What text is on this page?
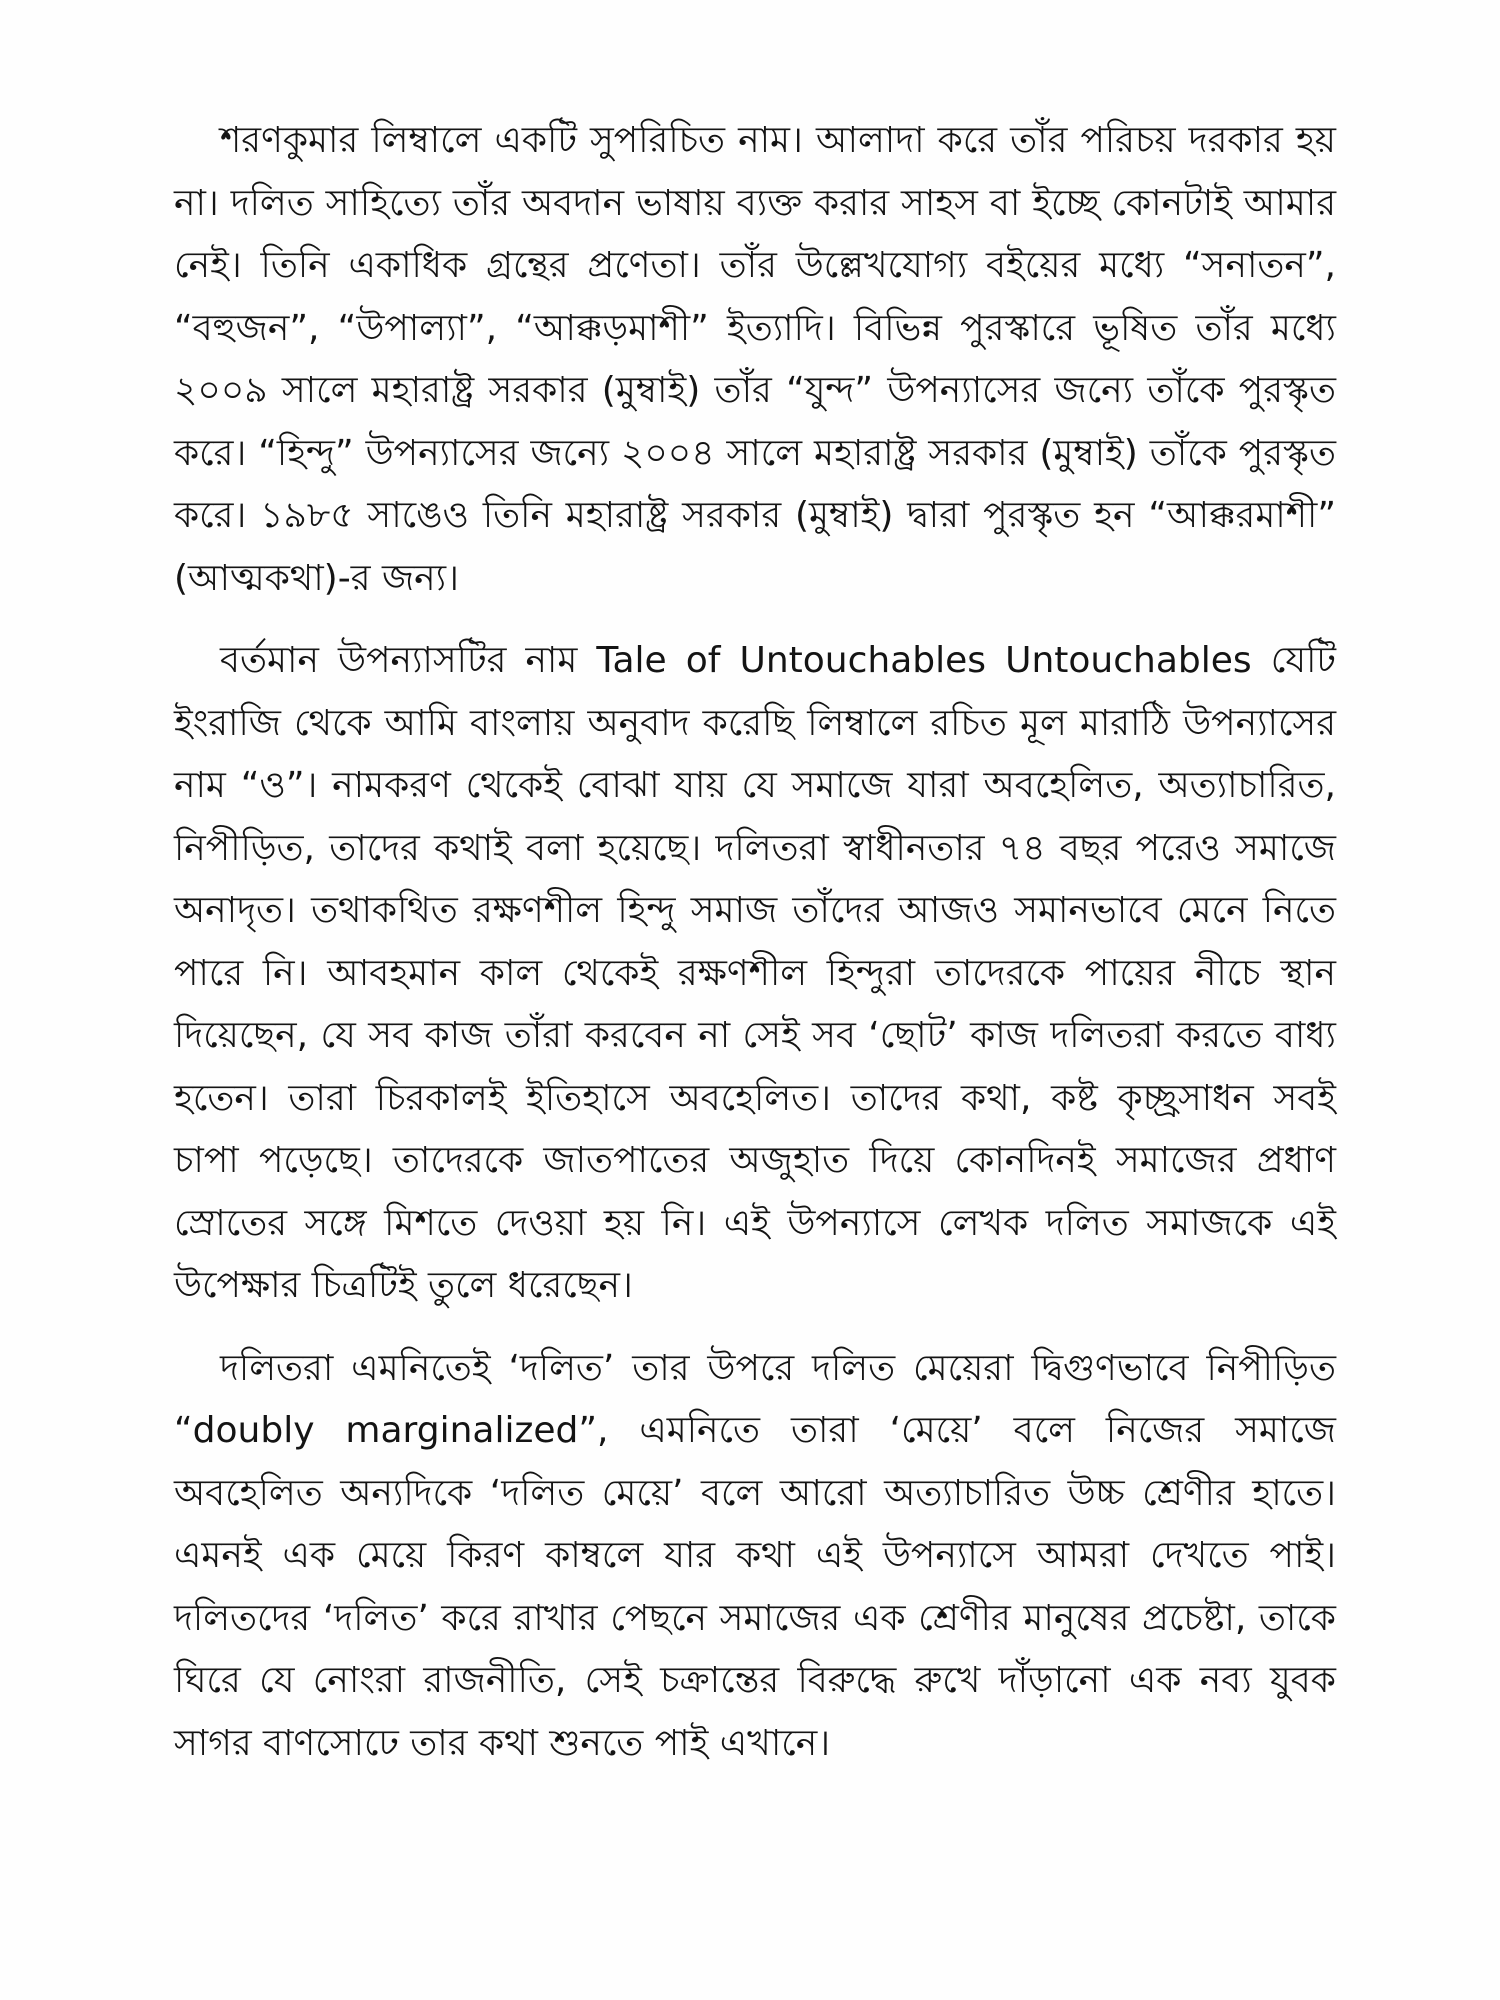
শরণকুমার লিম্বালে একটি সুপরিচিত নাম। আলাদা করে তাঁর পরিচয় দরকার হয় না। দলিত সাহিত্যে তাঁর অবদান ভাষায় ব্যক্ত করার সাহস বা ইচ্ছে কোনটাই আমার নেই। তিনি একাধিক গ্রন্থের প্রণেতা। তাঁর উল্লেখযোগ্য বইয়ের মধ্যে “সনাতন”, “বহুজন”, “উপাল্যা”, “আক্কড়মাশী” ইত্যাদি। বিভিন্ন পুরস্কারে ভূষিত তাঁর মধ্যে ২০০৯ সালে মহারাষ্ট্র সরকার (মুম্বাই) তাঁর “যুন্দ” উপন্যাসের জন্যে তাঁকে পুরস্কৃত করে। “হিন্দু” উপন্যাসের জন্যে ২০০৪ সালে মহারাষ্ট্র সরকার (মুম্বাই) তাঁকে পুরস্কৃত করে। ১৯৮৫ সাঙেও তিনি মহারাষ্ট্র সরকার (মুম্বাই) দ্বারা পুরস্কৃত হন “আক্করমাশী” (আত্মকথা)-র জন্য।

বর্তমান উপন্যাসটির নাম Tale of Untouchables Untouchables যেটি ইংরাজি থেকে আমি বাংলায় অনুবাদ করেছি লিম্বালে রচিত মূল মারাঠি উপন্যাসের নাম “ও”। নামকরণ থেকেই বোঝা যায় যে সমাজে যারা অবহেলিত, অত্যাচারিত, নিপীড়িত, তাদের কথাই বলা হয়েছে। দলিতরা স্বাধীনতার ৭৪ বছর পরেও সমাজে অনাদৃত। তথাকথিত রক্ষণশীল হিন্দু সমাজ তাঁদের আজও সমানভাবে মেনে নিতে পারে নি। আবহমান কাল থেকেই রক্ষণশীল হিন্দুরা তাদেরকে পায়ের নীচে স্থান দিয়েছেন, যে সব কাজ তাঁরা করবেন না সেই সব ‘ছোট’ কাজ দলিতরা করতে বাধ্য হতেন। তারা চিরকালই ইতিহাসে অবহেলিত। তাদের কথা, কষ্ট কৃচ্ছ্রসাধন সবই চাপা পড়েছে। তাদেরকে জাতপাতের অজুহাত দিয়ে কোনদিনই সমাজের প্রধাণ স্রোতের সঙ্গে মিশতে দেওয়া হয় নি। এই উপন্যাসে লেখক দলিত সমাজকে এই উপেক্ষার চিত্রটিই তুলে ধরেছেন।

দলিতরা এমনিতেই ‘দলিত’ তার উপরে দলিত মেয়েরা দ্বিগুণভাবে নিপীড়িত “doubly marginalized”, এমনিতে তারা ‘মেয়ে’ বলে নিজের সমাজে অবহেলিত অন্যদিকে ‘দলিত মেয়ে’ বলে আরো অত্যাচারিত উচ্চ শ্রেণীর হাতে। এমনই এক মেয়ে কিরণ কাম্বলে যার কথা এই উপন্যাসে আমরা দেখতে পাই। দলিতদের ‘দলিত’ করে রাখার পেছনে সমাজের এক শ্রেণীর মানুষের প্রচেষ্টা, তাকে ঘিরে যে নোংরা রাজনীতি, সেই চক্রান্তের বিরুদ্ধে রুখে দাঁড়ানো এক নব্য যুবক সাগর বাণসোঢে তার কথা শুনতে পাই এখানে।
